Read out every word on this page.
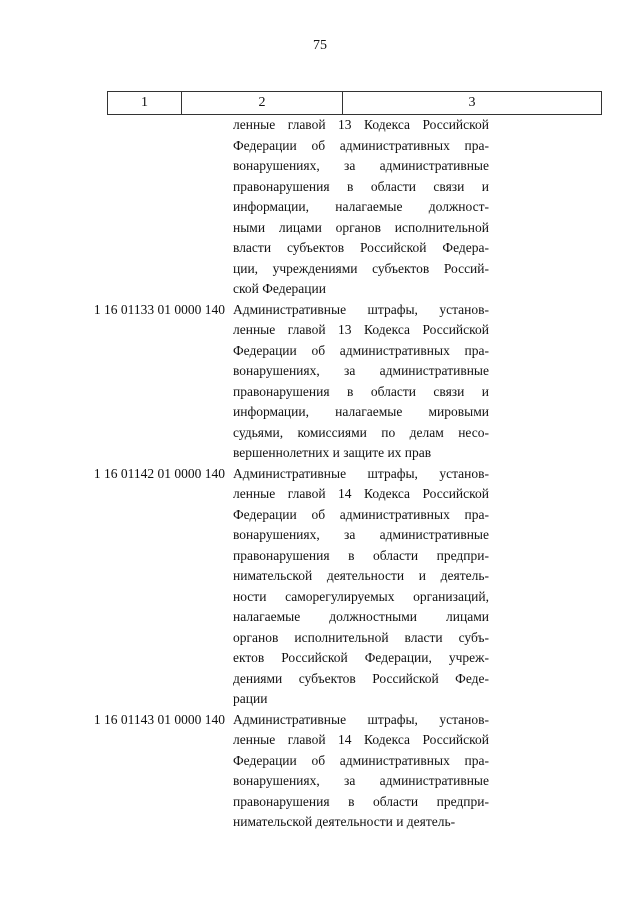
75
1	2	3
ленные главой 13 Кодекса Российской
Федерации об административных пра-
вонарушениях, за административные
правонарушения в области связи и
информации, налагаемые должност-
ными лицами органов исполнительной
власти субъектов Российской Федера-
ции, учреждениями субъектов Россий-
ской Федерации
1 16 01133 01 0000 140 Административные штрафы, установ-
ленные главой 13 Кодекса Российской
Федерации об административных пра-
вонарушениях, за административные
правонарушения в области связи и
информации, налагаемые мировыми
судьями, комиссиями по делам несо-
вершеннолетних и защите их прав
1 16 01142 01 0000 140 Административные штрафы, установ-
ленные главой 14 Кодекса Российской
Федерации об административных пра-
вонарушениях, за административные
правонарушения в области предпри-
нимательской деятельности и деятель-
ности саморегулируемых организаций,
налагаемые должностными лицами
органов исполнительной власти субъ-
ектов Российской Федерации, учреж-
дениями субъектов Российской Феде-
рации
1 16 01143 01 0000 140 Административные штрафы, установ-
ленные главой 14 Кодекса Российской
Федерации об административных пра-
вонарушениях, за административные
правонарушения в области предпри-
нимательской деятельности и деятель-
